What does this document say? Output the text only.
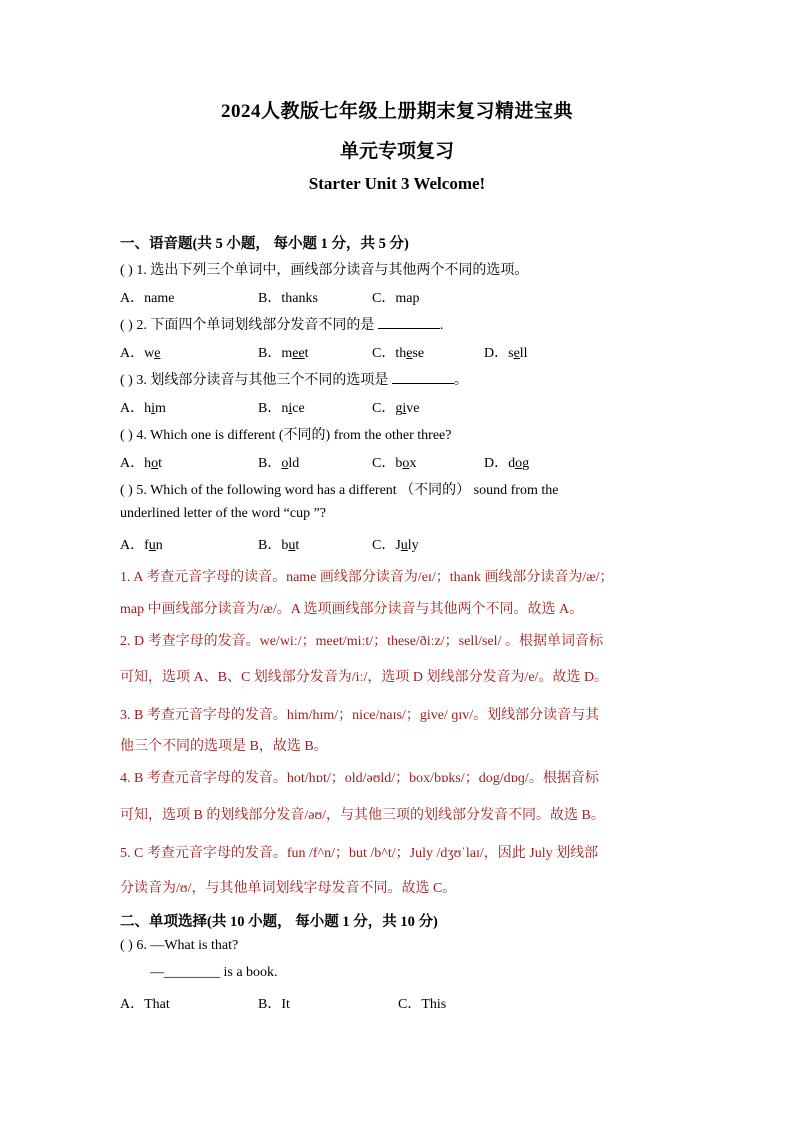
2024人教版七年级上册期末复习精进宝典
单元专项复习
Starter Unit 3 Welcome!
一、语音题(共 5 小题， 每小题 1 分，共 5 分)
( ) 1. 选出下列三个单词中，画线部分读音与其他两个不同的选项。
A．name	B．thanks	C．map
( ) 2. 下面四个单词划线部分发音不同的是	.
A．we	B．meet	C．these	D．sell
( ) 3. 划线部分读音与其他三个不同的选项是	。
A．him	B．nice	C．give
( ) 4. Which one is different (不同的) from the other three?
A．hot	B．old	C．box	D．dog
( ) 5. Which of the following word has a different （不同的） sound from the
underlined letter of the word “cup ”?
A．fun	B．but	C．July
1. A 考查元音字母的读音。name 画线部分读音为/eɪ/；thank 画线部分读音为/æ/；
map 中画线部分读音为/æ/。A 选项画线部分读音与其他两个不同。故选 A。
2. D 考查字母的发音。we/wiː/；meet/miːt/；these/ðiːz/；sell/sel/ 。根据单词音标
可知，选项 A、B、C 划线部分发音为/iː/，选项 D 划线部分发音为/e/。故选 D。
3. B 考查元音字母的发音。him/hɪm/；nice/naɪs/；give/ ɡɪv/。划线部分读音与其
他三个不同的选项是 B，故选 B。
4. B 考查元音字母的发音。hot/hɒt/；old/əʊld/；box/bɒks/；dog/dɒɡ/。根据音标
可知，选项 B 的划线部分发音/əʊ/，与其他三项的划线部分发音不同。故选 B。
5. C 考查元音字母的发音。fun /f^n/；but /b^t/；July /dʒʊˈlaɪ/，因此 July 划线部
分读音为/ʊ/，与其他单词划线字母发音不同。故选 C。
二、单项选择(共 10 小题， 每小题 1 分，共 10 分)
( ) 6. —What is that?
—________ is a book.
A．That	B．It	C．This
